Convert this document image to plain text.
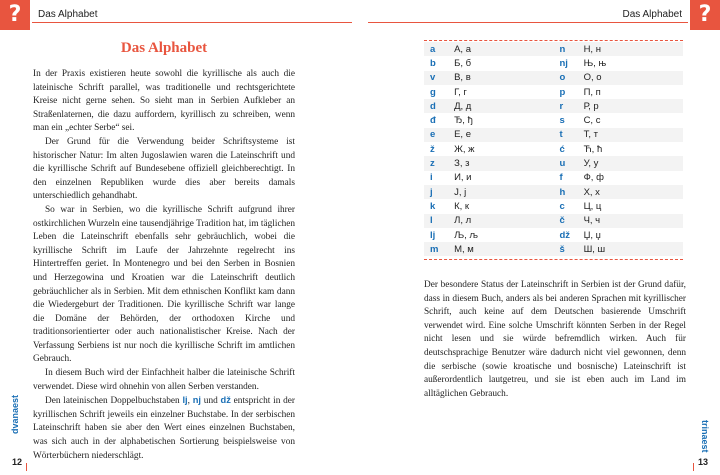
?	Das Alphabet
Das Alphabet

In der Praxis existieren heute sowohl die kyrillische als auch die lateinische Schrift parallel, was traditionelle und rechtsgerichtete Kreise nicht gerne sehen. So sieht man in Serbien Aufkleber an Straßenlaternen, die dazu auffordern, kyrillisch zu schreiben, wenn man ein „echter Serbe“ sei.

Der Grund für die Verwendung beider Schriftsysteme ist historischer Natur: Im alten Jugoslawien waren die Lateinschrift und die kyrillische Schrift auf Bundesebene offiziell gleichberechtigt. In den einzelnen Republiken wurde dies aber bereits damals unterschiedlich gehandhabt.

So war in Serbien, wo die kyrillische Schrift aufgrund ihrer ostkirchlichen Wurzeln eine tausendjährige Tradition hat, im täglichen Leben die Lateinschrift ebenfalls sehr gebräuchlich, wobei die kyrillische Schrift im Laufe der Jahrzehnte regelrecht ins Hintertreffen geriet. In Montenegro und bei den Serben in Bosnien und Herzegowina und Kroatien war die Lateinschrift deutlich gebräuchlicher als in Serbien. Mit dem ethnischen Konflikt kam dann die Wiedergeburt der Traditionen. Die kyrillische Schrift war lange die Domäne der Behörden, der orthodoxen Kirche und traditionsorientierter oder auch nationalistischer Kreise. Nach der Verfassung Serbiens ist nur noch die kyrillische Schrift im amtlichen Gebrauch.

In diesem Buch wird der Einfachheit halber die lateinische Schrift verwendet. Diese wird ohnehin von allen Serben verstanden.

Den lateinischen Doppelbuchstaben lj, nj und dž entspricht in der kyrillischen Schrift jeweils ein einzelner Buchstabe. In der serbischen Lateinschrift haben sie aber den Wert eines einzelnen Buchstaben, was sich auch in der alphabetischen Sortierung beispielsweise von Wörterbüchern niederschlägt.

dvanaest
12
?
Das Alphabet
a	А, а	n	Н, н
b	Б, б	nj	Њ, њ
v	В, в	o	О, о
g	Г, г	p	П, п
d	Д, д	r	Р, р
đ	Ђ, ђ	s	С, с
e	Е, е	t	Т, т
ž	Ж, ж	ć	Ћ, ћ
z	З, з	u	У, у
i	И, и	f	Ф, ф
j	Ј, ј	h	Х, х
k	К, к	c	Ц, ц
l	Л, л	č	Ч, ч
lj	Љ, љ	dž	Џ, џ
m	М, м	š	Ш, ш
Der besondere Status der Lateinschrift in Serbien ist der Grund dafür, dass in diesem Buch, anders als bei anderen Sprachen mit kyrillischer Schrift, auch keine auf dem Deutschen basierende Umschrift verwendet wird. Eine solche Umschrift könnten Serben in der Regel nicht lesen und sie würde befremdlich wirken. Auch für deutschsprachige Benutzer wäre dadurch nicht viel gewonnen, denn die serbische (sowie kroatische und bosnische) Lateinschrift ist außerordentlich lautgetreu, und sie ist eben auch im Land im alltäglichen Gebrauch.
trinaest
13
